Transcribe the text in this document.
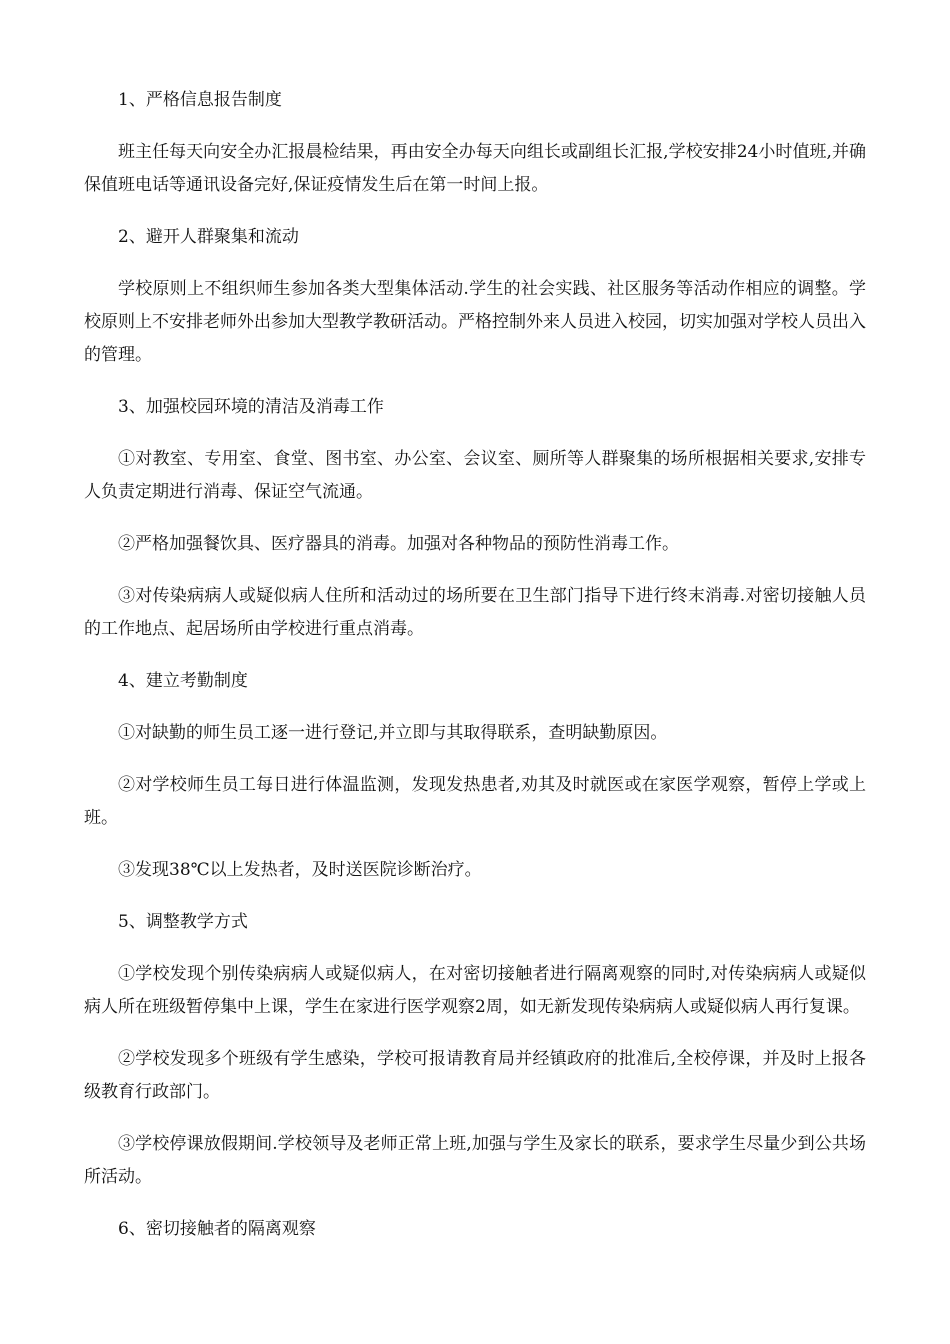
1、严格信息报告制度

班主任每天向安全办汇报晨检结果，再由安全办每天向组长或副组长汇报,学校安排24小时值班,并确保值班电话等通讯设备完好,保证疫情发生后在第一时间上报。

2、避开人群聚集和流动

学校原则上不组织师生参加各类大型集体活动.学生的社会实践、社区服务等活动作相应的调整。学校原则上不安排老师外出参加大型教学教研活动。严格控制外来人员进入校园，切实加强对学校人员出入的管理。

3、加强校园环境的清洁及消毒工作

①对教室、专用室、食堂、图书室、办公室、会议室、厕所等人群聚集的场所根据相关要求,安排专人负责定期进行消毒、保证空气流通。

②严格加强餐饮具、医疗器具的消毒。加强对各种物品的预防性消毒工作。

③对传染病病人或疑似病人住所和活动过的场所要在卫生部门指导下进行终末消毒.对密切接触人员的工作地点、起居场所由学校进行重点消毒。

4、建立考勤制度

①对缺勤的师生员工逐一进行登记,并立即与其取得联系，查明缺勤原因。

②对学校师生员工每日进行体温监测，发现发热患者,劝其及时就医或在家医学观察，暂停上学或上班。

③发现38℃以上发热者，及时送医院诊断治疗。

5、调整教学方式

①学校发现个别传染病病人或疑似病人，在对密切接触者进行隔离观察的同时,对传染病病人或疑似病人所在班级暂停集中上课，学生在家进行医学观察2周，如无新发现传染病病人或疑似病人再行复课。

②学校发现多个班级有学生感染，学校可报请教育局并经镇政府的批准后,全校停课，并及时上报各级教育行政部门。

③学校停课放假期间.学校领导及老师正常上班,加强与学生及家长的联系，要求学生尽量少到公共场所活动。

6、密切接触者的隔离观察
